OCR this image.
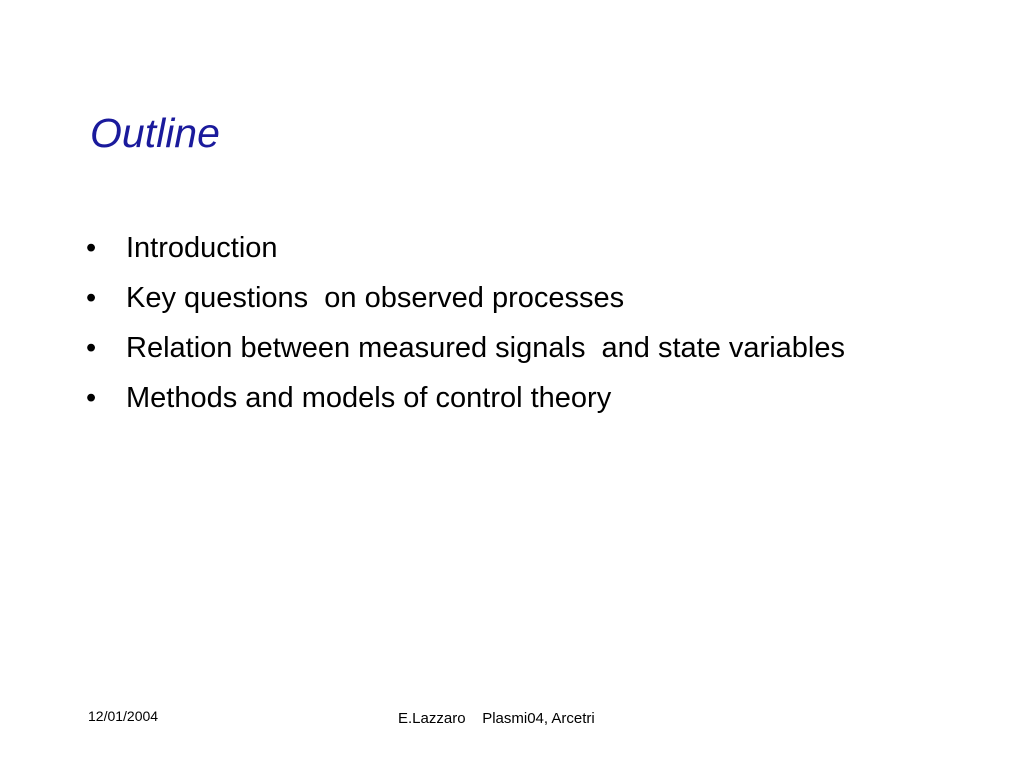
Outline
•	Introduction
•	Key questions  on observed processes
•	Relation between measured signals  and state variables
•	Methods and models of control theory
12/01/2004	E.Lazzaro    Plasmi04, Arcetri
